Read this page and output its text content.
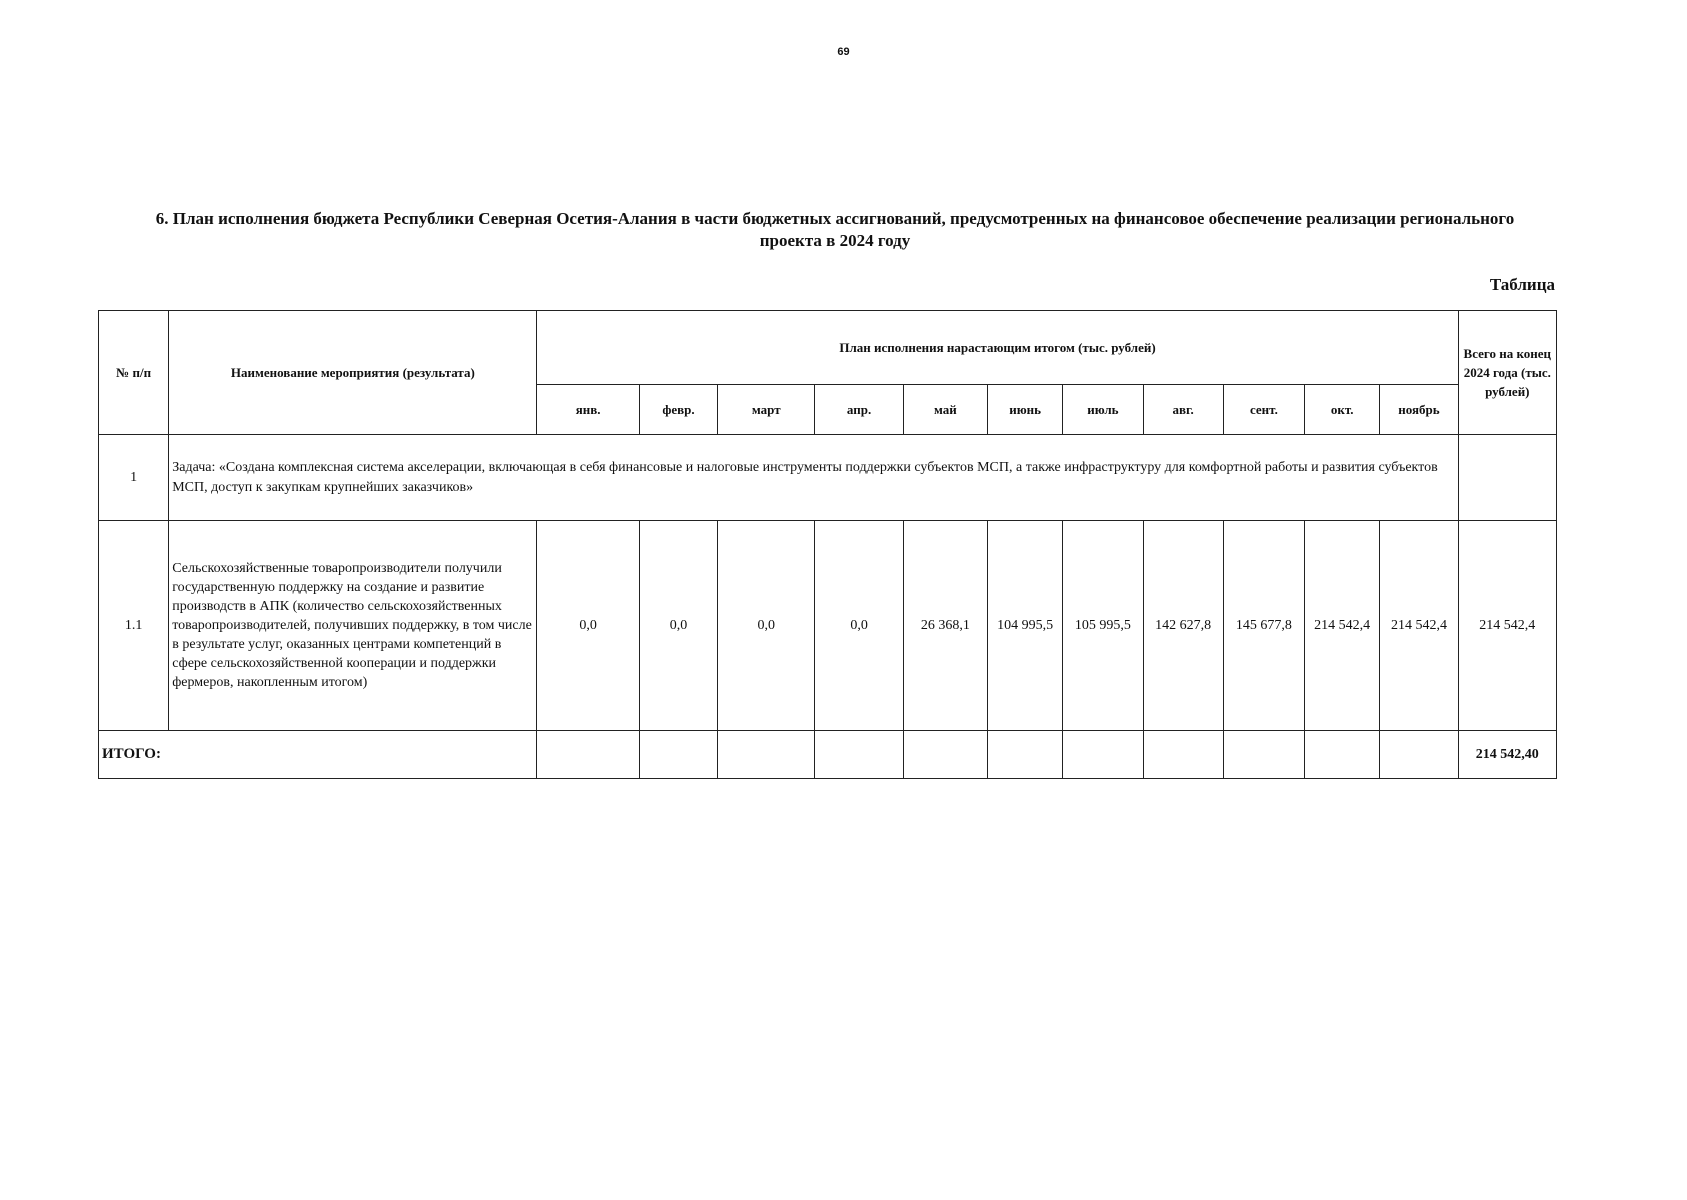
69
6. План исполнения бюджета Республики Северная Осетия-Алания в части бюджетных ассигнований, предусмотренных на финансовое обеспечение реализации регионального
проекта в 2024 году
Таблица
№ п/п	Наименование мероприятия (результата)	План исполнения нарастающим итогом (тыс. рублей)											Всего на конец 2024 года (тыс. рублей)
		янв.	февр.	март	апр.	май	июнь	июль	авг.	сент.	окт.	ноябрь	
1	Задача: «Создана комплексная система акселерации, включающая в себя финансовые и налоговые инструменты поддержки субъектов МСП, а также инфраструктуру для комфортной работы и развития субъектов МСП, доступ к закупкам крупнейших заказчиков»												
1.1	Сельскохозяйственные товаропроизводители получили государственную поддержку на создание и развитие производств в АПК (количество сельскохозяйственных товаропроизводителей, получивших поддержку, в том числе в результате услуг, оказанных центрами компетенций в сфере сельскохозяйственной кооперации и поддержки фермеров, накопленным итогом)	0,0	0,0	0,0	0,0	26 368,1	104 995,5	105 995,5	142 627,8	145 677,8	214 542,4	214 542,4	214 542,4
ИТОГО:													214 542,40
